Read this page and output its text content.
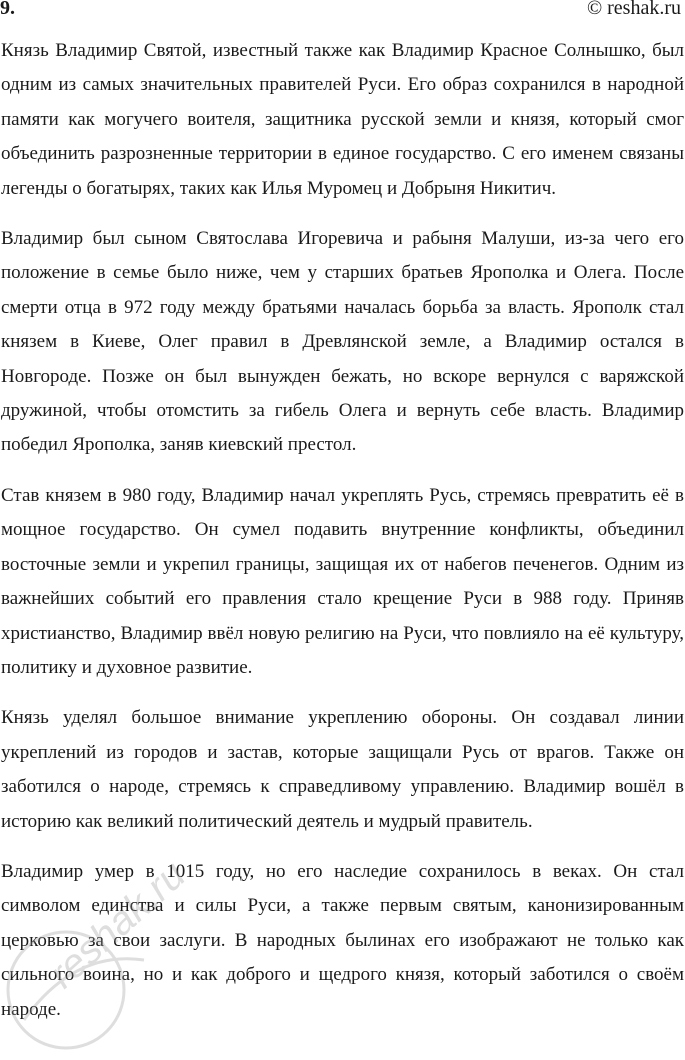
9.	© reshak.ru

Князь Владимир Святой, известный также как Владимир Красное Солнышко, был одним из самых значительных правителей Руси. Его образ сохранился в народной памяти как могучего воителя, защитника русской земли и князя, который смог объединить разрозненные территории в единое государство. С его именем связаны легенды о богатырях, таких как Илья Муромец и Добрыня Никитич.

Владимир был сыном Святослава Игоревича и рабыня Малуши, из-за чего его положение в семье было ниже, чем у старших братьев Ярополка и Олега. После смерти отца в 972 году между братьями началась борьба за власть. Ярополк стал князем в Киеве, Олег правил в Древлянской земле, а Владимир остался в Новгороде. Позже он был вынужден бежать, но вскоре вернулся с варяжской дружиной, чтобы отомстить за гибель Олега и вернуть себе власть. Владимир победил Ярополка, заняв киевский престол.

Став князем в 980 году, Владимир начал укреплять Русь, стремясь превратить её в мощное государство. Он сумел подавить внутренние конфликты, объединил восточные земли и укрепил границы, защищая их от набегов печенегов. Одним из важнейших событий его правления стало крещение Руси в 988 году. Приняв христианство, Владимир ввёл новую религию на Руси, что повлияло на её культуру, политику и духовное развитие.

Князь уделял большое внимание укреплению обороны. Он создавал линии укреплений из городов и застав, которые защищали Русь от врагов. Также он заботился о народе, стремясь к справедливому управлению. Владимир вошёл в историю как великий политический деятель и мудрый правитель.

Владимир умер в 1015 году, но его наследие сохранилось в веках. Он стал символом единства и силы Руси, а также первым святым, канонизированным церковью за свои заслуги. В народных былинах его изображают не только как сильного воина, но и как доброго и щедрого князя, который заботился о своём народе.

reshak.ru
